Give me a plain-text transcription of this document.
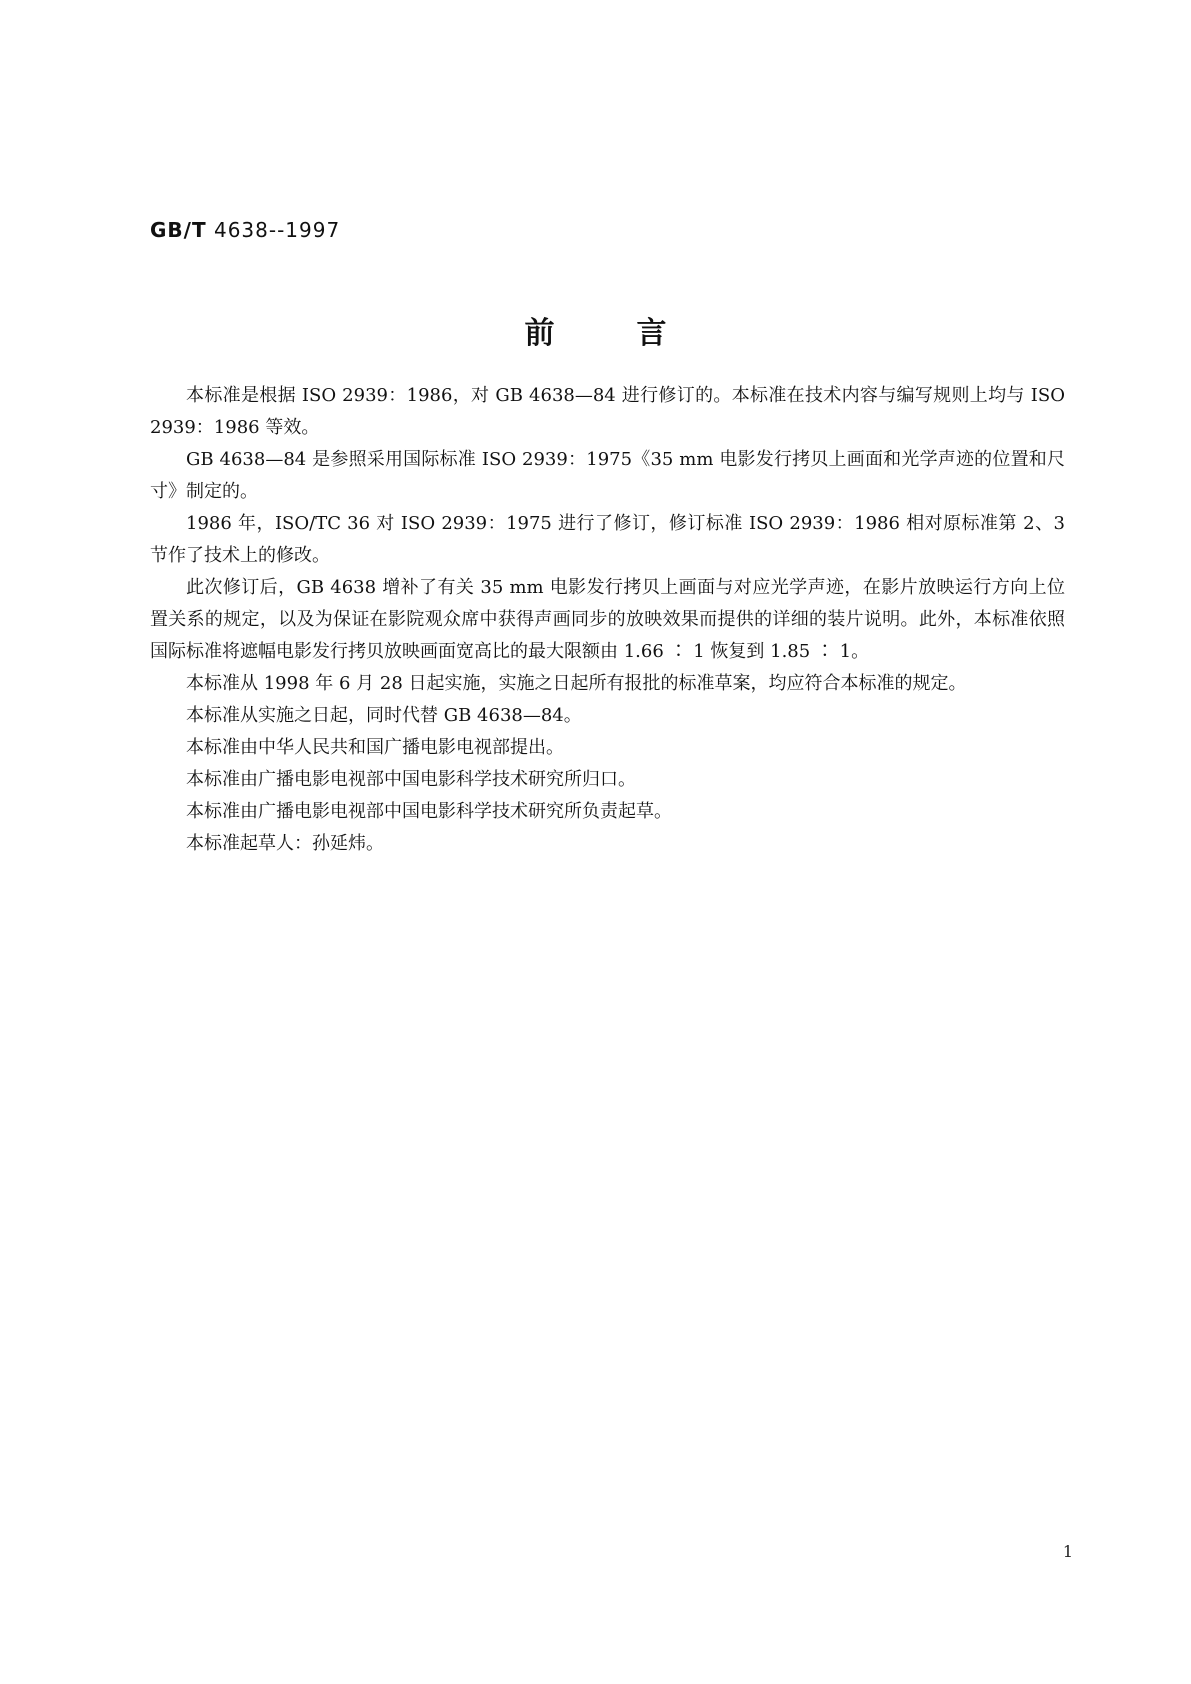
GB/T 4638--1997
前言

本标准是根据 ISO 2939：1986，对 GB 4638—84 进行修订的。本标准在技术内容与编写规则上均与 ISO 2939：1986 等效。

GB 4638—84 是参照采用国际标准 ISO 2939：1975《35 mm 电影发行拷贝上画面和光学声迹的位置和尺寸》制定的。

1986 年，ISO/TC 36 对 ISO 2939：1975 进行了修订，修订标准 ISO 2939：1986 相对原标准第 2、3 节作了技术上的修改。

此次修订后，GB 4638 增补了有关 35 mm 电影发行拷贝上画面与对应光学声迹，在影片放映运行方向上位置关系的规定，以及为保证在影院观众席中获得声画同步的放映效果而提供的详细的装片说明。此外，本标准依照国际标准将遮幅电影发行拷贝放映画面宽高比的最大限额由 1.66 ∶ 1 恢复到 1.85 ∶ 1。

本标准从 1998 年 6 月 28 日起实施，实施之日起所有报批的标准草案，均应符合本标准的规定。

本标准从实施之日起，同时代替 GB 4638—84。

本标准由中华人民共和国广播电影电视部提出。

本标准由广播电影电视部中国电影科学技术研究所归口。

本标准由广播电影电视部中国电影科学技术研究所负责起草。

本标准起草人：孙延炜。

1
